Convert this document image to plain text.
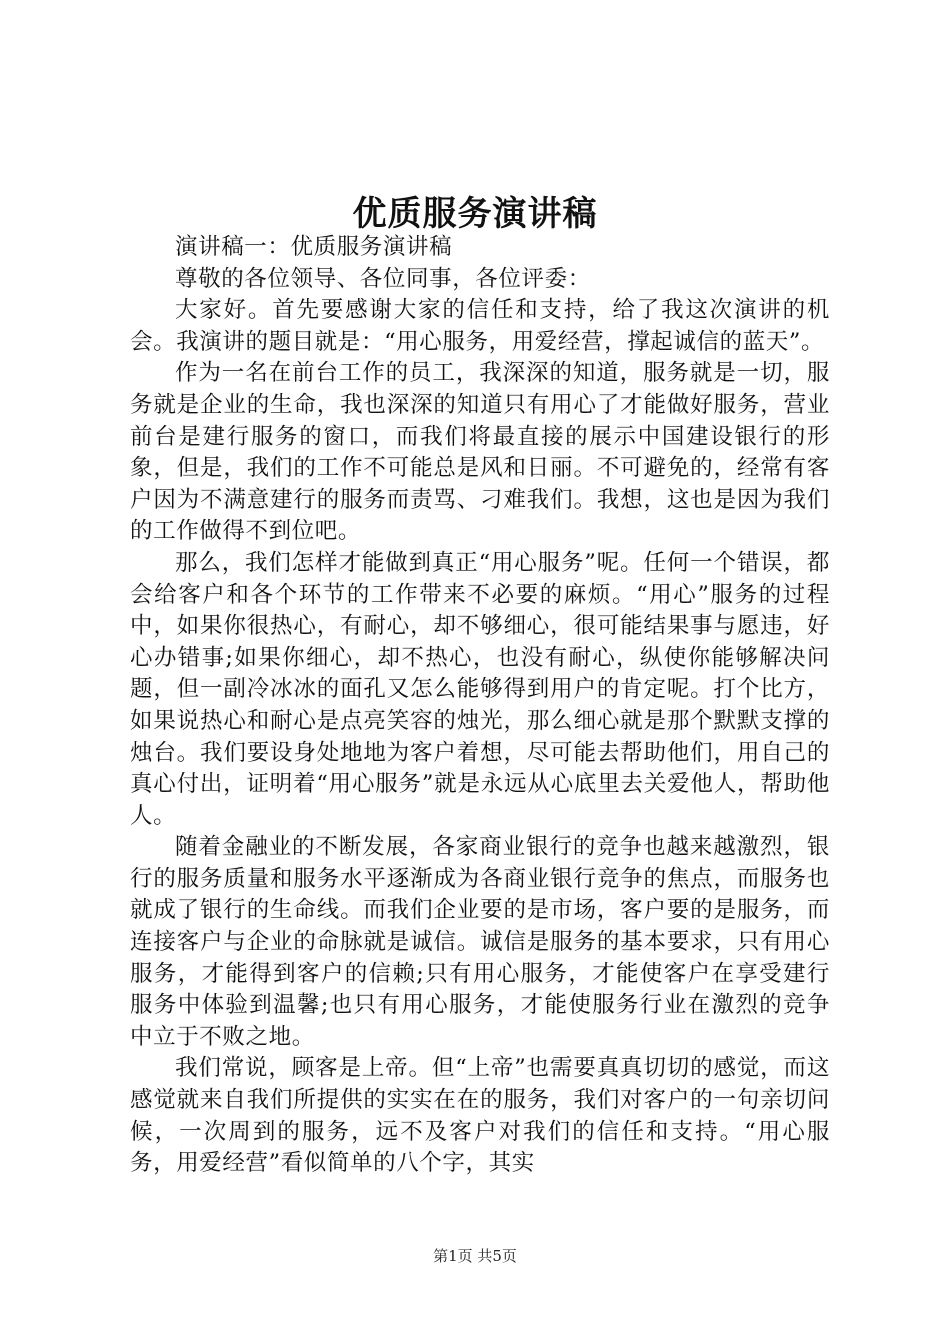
优质服务演讲稿

演讲稿一：优质服务演讲稿

尊敬的各位领导、各位同事，各位评委：

大家好。首先要感谢大家的信任和支持，给了我这次演讲的机会。我演讲的题目就是：“用心服务，用爱经营，撑起诚信的蓝天”。

作为一名在前台工作的员工，我深深的知道，服务就是一切，服务就是企业的生命，我也深深的知道只有用心了才能做好服务，营业前台是建行服务的窗口，而我们将最直接的展示中国建设银行的形象，但是，我们的工作不可能总是风和日丽。不可避免的，经常有客户因为不满意建行的服务而责骂、刁难我们。我想，这也是因为我们的工作做得不到位吧。

那么，我们怎样才能做到真正“用心服务”呢。任何一个错误，都会给客户和各个环节的工作带来不必要的麻烦。“用心”服务的过程中，如果你很热心，有耐心，却不够细心，很可能结果事与愿违，好心办错事;如果你细心，却不热心，也没有耐心，纵使你能够解决问题，但一副冷冰冰的面孔又怎么能够得到用户的肯定呢。打个比方，如果说热心和耐心是点亮笑容的烛光，那么细心就是那个默默支撑的烛台。我们要设身处地地为客户着想，尽可能去帮助他们，用自己的真心付出，证明着“用心服务”就是永远从心底里去关爱他人，帮助他人。

随着金融业的不断发展，各家商业银行的竞争也越来越激烈，银行的服务质量和服务水平逐渐成为各商业银行竞争的焦点，而服务也就成了银行的生命线。而我们企业要的是市场，客户要的是服务，而连接客户与企业的命脉就是诚信。诚信是服务的基本要求，只有用心服务，才能得到客户的信赖;只有用心服务，才能使客户在享受建行服务中体验到温馨;也只有用心服务，才能使服务行业在激烈的竞争中立于不败之地。

我们常说，顾客是上帝。但“上帝”也需要真真切切的感觉，而这感觉就来自我们所提供的实实在在的服务，我们对客户的一句亲切问候，一次周到的服务，远不及客户对我们的信任和支持。“用心服务，用爱经营”看似简单的八个字，其实

第1页 共5页
